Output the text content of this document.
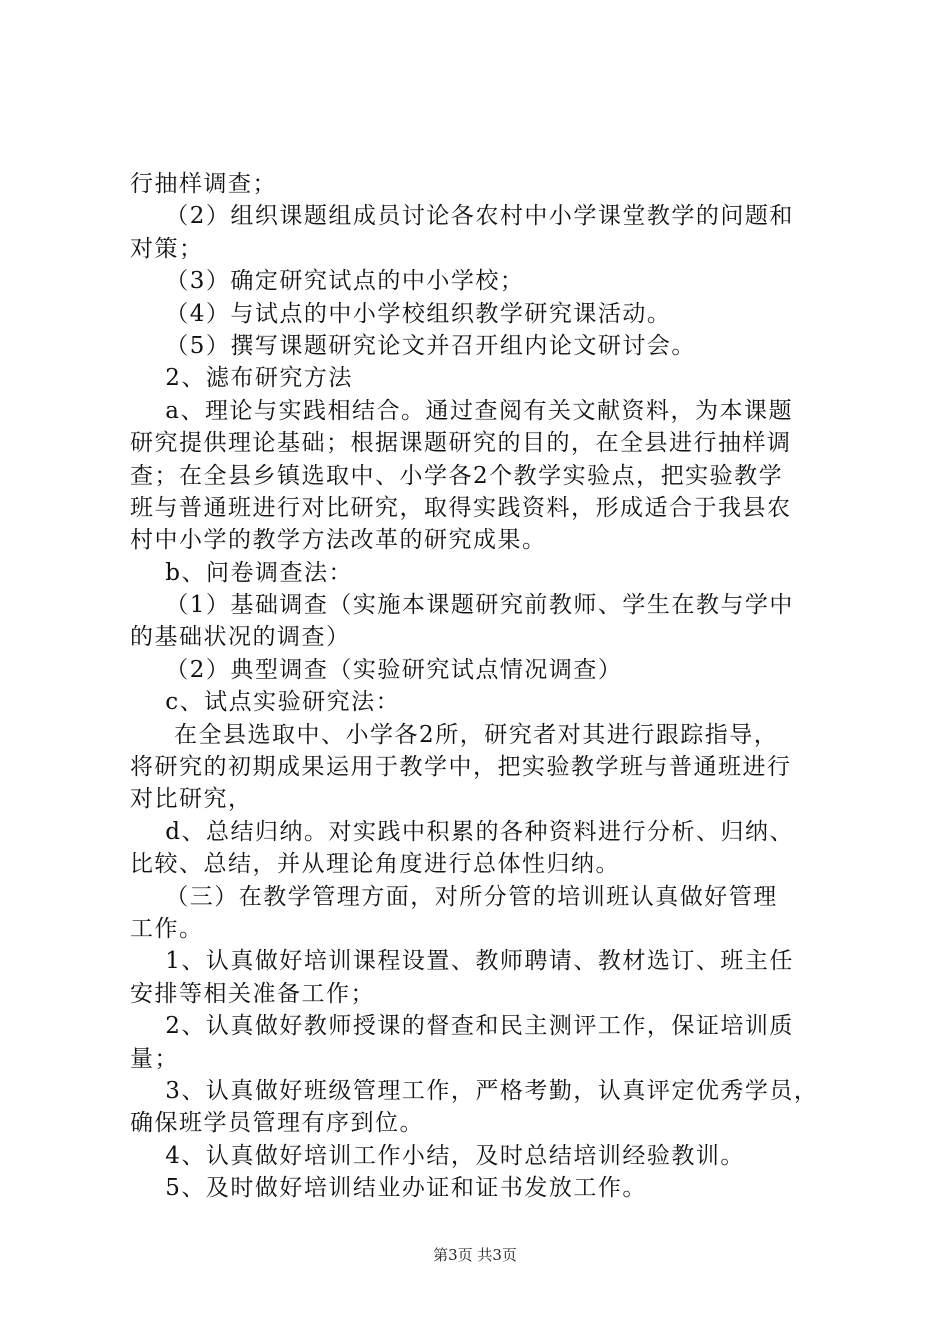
行抽样调查；
（2）组织课题组成员讨论各农村中小学课堂教学的问题和
对策；
（3）确定研究试点的中小学校；
（4）与试点的中小学校组织教学研究课活动。
（5）撰写课题研究论文并召开组内论文研讨会。
2、滤布研究方法
a、理论与实践相结合。通过查阅有关文献资料，为本课题
研究提供理论基础；根据课题研究的目的，在全县进行抽样调
查；在全县乡镇选取中、小学各2个教学实验点，把实验教学
班与普通班进行对比研究，取得实践资料，形成适合于我县农
村中小学的教学方法改革的研究成果。
b、问卷调查法：
（1）基础调查（实施本课题研究前教师、学生在教与学中
的基础状况的调查）
（2）典型调查（实验研究试点情况调查）
c、试点实验研究法：
在全县选取中、小学各2所，研究者对其进行跟踪指导，
将研究的初期成果运用于教学中，把实验教学班与普通班进行
对比研究，
d、总结归纳。对实践中积累的各种资料进行分析、归纳、
比较、总结，并从理论角度进行总体性归纳。
（三）在教学管理方面，对所分管的培训班认真做好管理
工作。
1、认真做好培训课程设置、教师聘请、教材选订、班主任
安排等相关准备工作；
2、认真做好教师授课的督查和民主测评工作，保证培训质
量；
3、认真做好班级管理工作，严格考勤，认真评定优秀学员，
确保班学员管理有序到位。
4、认真做好培训工作小结，及时总结培训经验教训。
5、及时做好培训结业办证和证书发放工作。
第3页 共3页
